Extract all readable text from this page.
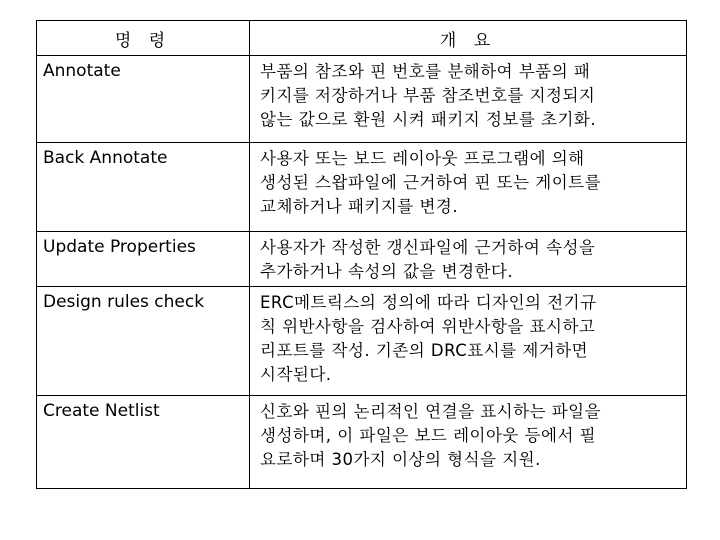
명 령	개 요
Annotate	부품의 참조와 핀 번호를 분해하여 부품의 패
키지를 저장하거나 부품 참조번호를 지정되지
않는 값으로 환원 시켜 패키지 정보를 초기화.

Back Annotate	사용자 또는 보드 레이아웃 프로그램에 의해
생성된 스왑파일에 근거하여 핀 또는 게이트를
교체하거나 패키지를 변경.

Update Properties	사용자가 작성한 갱신파일에 근거하여 속성을
추가하거나 속성의 값을 변경한다.

Design rules check	ERC메트릭스의 정의에 따라 디자인의 전기규
칙 위반사항을 검사하여 위반사항을 표시하고
리포트를 작성. 기존의 DRC표시를 제거하면
시작된다.

Create Netlist	신호와 핀의 논리적인 연결을 표시하는 파일을
생성하며, 이 파일은 보드 레이아웃 등에서 필
요로하며 30가지 이상의 형식을 지원.
